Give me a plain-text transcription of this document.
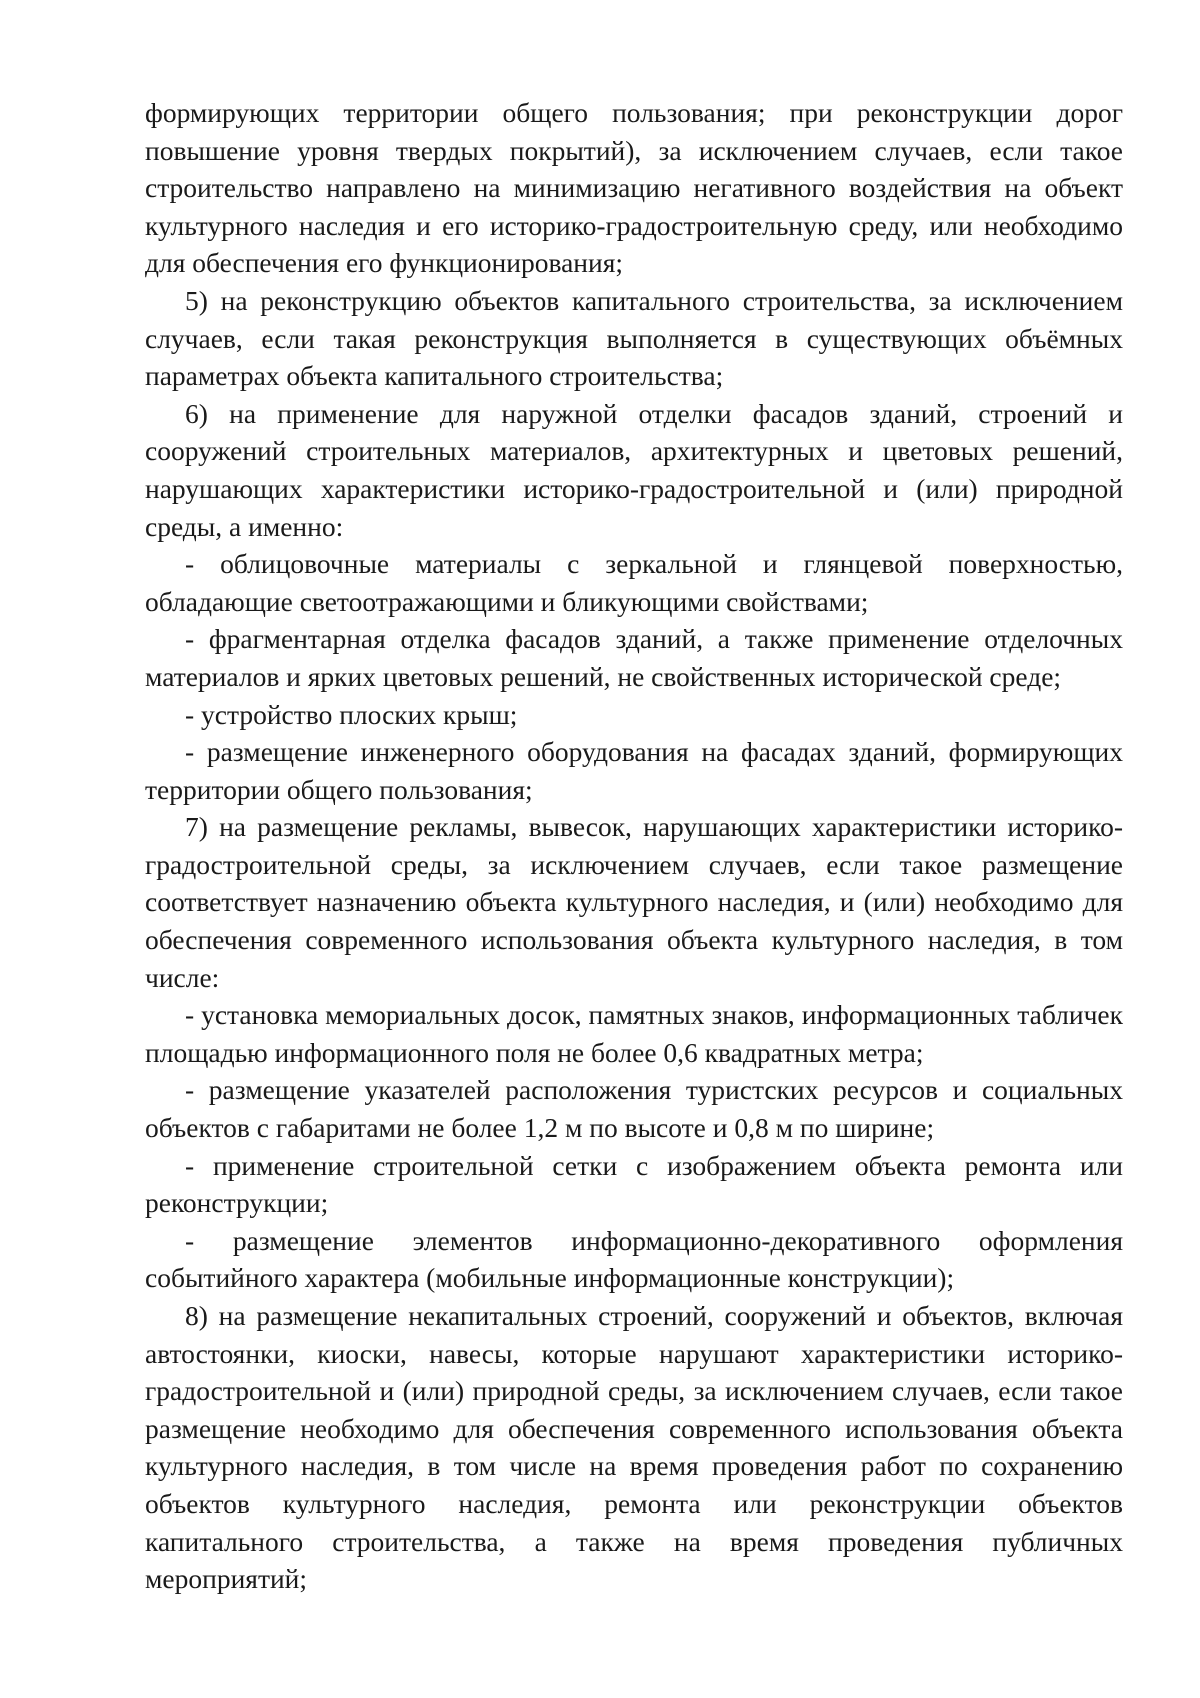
формирующих территории общего пользования; при реконструкции дорог повышение уровня твердых покрытий), за исключением случаев, если такое строительство направлено на минимизацию негативного воздействия на объект культурного наследия и его историко-градостроительную среду, или необходимо для обеспечения его функционирования;

5) на реконструкцию объектов капитального строительства, за исключением случаев, если такая реконструкция выполняется в существующих объёмных параметрах объекта капитального строительства;

6) на применение для наружной отделки фасадов зданий, строений и сооружений строительных материалов, архитектурных и цветовых решений, нарушающих характеристики историко-градостроительной и (или) природной среды, а именно:

- облицовочные материалы с зеркальной и глянцевой поверхностью, обладающие светоотражающими и бликующими свойствами;

- фрагментарная отделка фасадов зданий, а также применение отделочных материалов и ярких цветовых решений, не свойственных исторической среде;

- устройство плоских крыш;

- размещение инженерного оборудования на фасадах зданий, формирующих территории общего пользования;

7) на размещение рекламы, вывесок, нарушающих характеристики историко-градостроительной среды, за исключением случаев, если такое размещение соответствует назначению объекта культурного наследия, и (или) необходимо для обеспечения современного использования объекта культурного наследия, в том числе:

- установка мемориальных досок, памятных знаков, информационных табличек площадью информационного поля не более 0,6 квадратных метра;

- размещение указателей расположения туристских ресурсов и социальных объектов с габаритами не более 1,2 м по высоте и 0,8 м по ширине;

- применение строительной сетки с изображением объекта ремонта или реконструкции;

- размещение элементов информационно-декоративного оформления событийного характера (мобильные информационные конструкции);

8) на размещение некапитальных строений, сооружений и объектов, включая автостоянки, киоски, навесы, которые нарушают характеристики историко-градостроительной и (или) природной среды, за исключением случаев, если такое размещение необходимо для обеспечения современного использования объекта культурного наследия, в том числе на время проведения работ по сохранению объектов культурного наследия, ремонта или реконструкции объектов капитального строительства, а также на время проведения публичных мероприятий;
